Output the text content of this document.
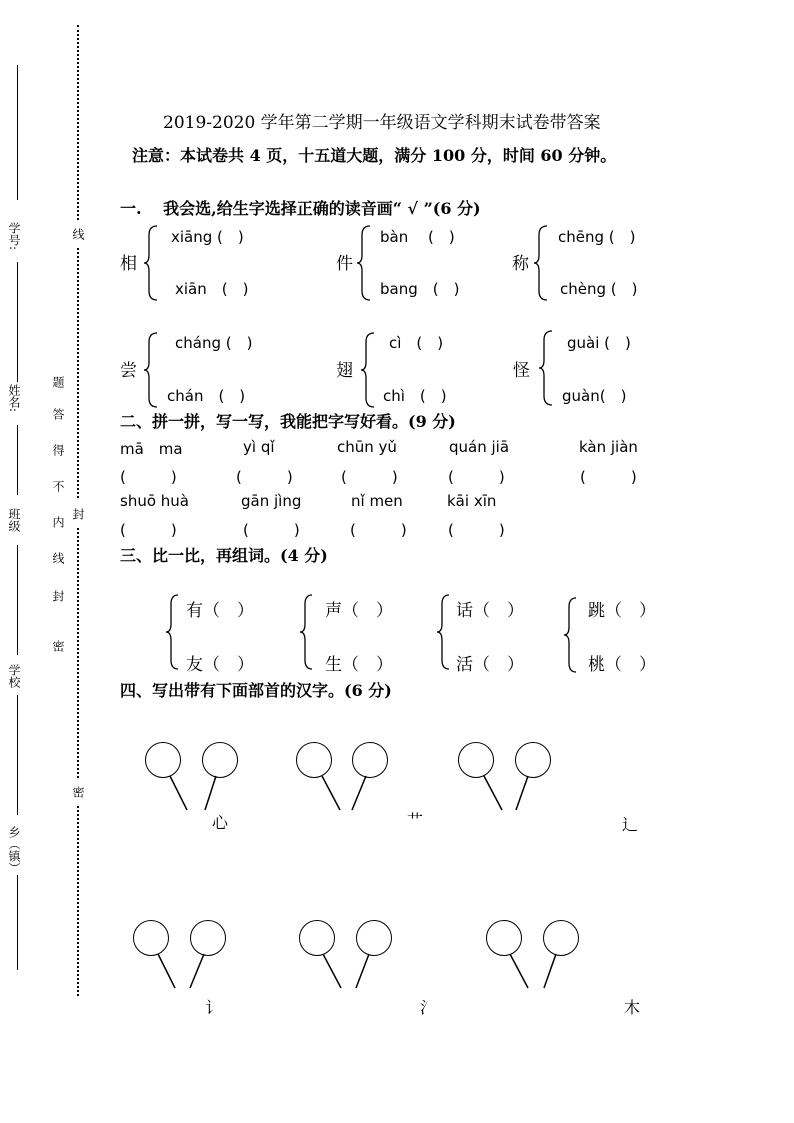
学号:
姓名:
班级
学校
乡（镇）
题
答
得
不
内
线
封
密
线
封
密
2019-2020 学年第二学期一年级语文学科期末试卷带答案
注意：本试卷共 4 页，十五道大题，满分 100 分，时间 60 分钟。
一.　 我会选,给生字选择正确的读音画“ √ ”(6 分)
相
xiāng (　)
xiān　(　)
件
bàn　 (　)
bang　(　)
称
chēng (　)
chèng (　)
尝
cháng (　)
chán　(　)
翅
cì　(　)
chì　(　)
怪
guài (　)
guàn(　)
二、拼一拼，写一写，我能把字写好看。(9 分)
mā　ma	yì qǐ	chūn yǔ	quán jiā	kàn jiàn
(　　　)	(　　　)	(　　　)	(　　　)	(　　　)
shuō huà	gān jìng	nǐ men	kāi xīn
(　　　)	(　　　)	(　　　)	(　　　)
三、比一比，再组词。(4 分)
有（　）
友（　）
声（　）
生（　）
话（　）
活（　）
跳（　）
桃（　）
四、写出带有下面部首的汉字。(6 分)
心	艹	辶
讠	氵	木
